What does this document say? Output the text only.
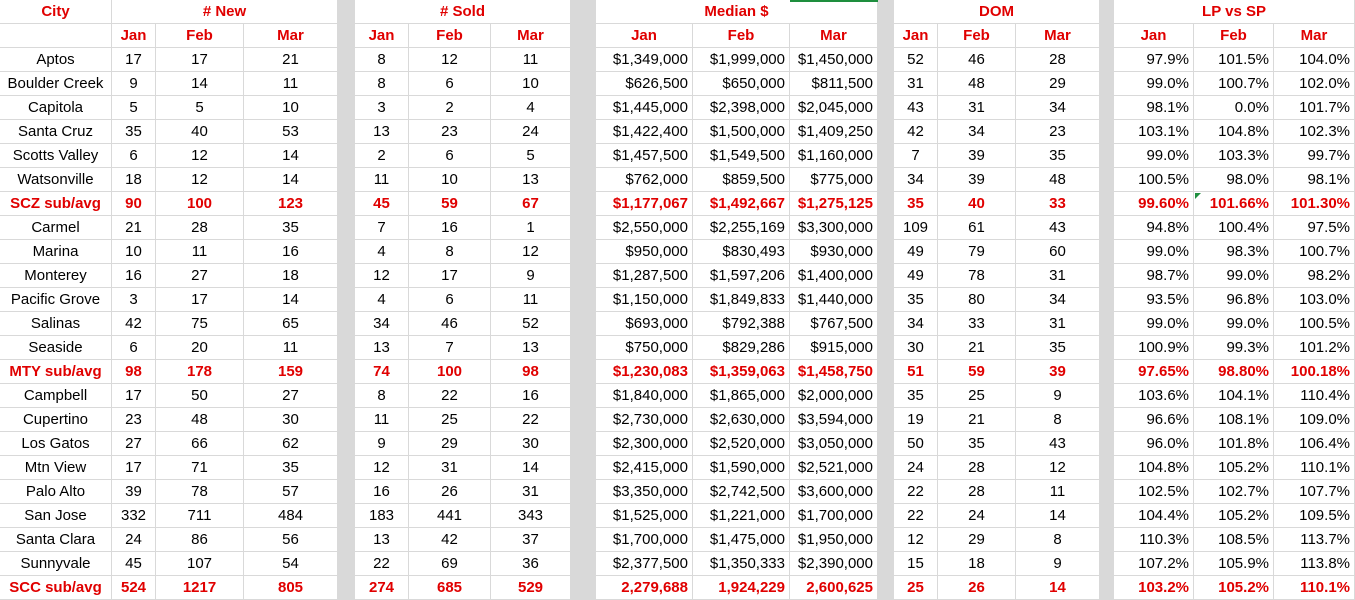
City	# New	# Sold	Median $	DOM	LP vs SP
Jan	Feb	Mar	Jan	Feb	Mar	Jan	Feb	Mar	Jan	Feb	Mar	Jan	Feb	Mar
Aptos	17	17	21	8	12	11	$1,349,000	$1,999,000 $1,450,000	52	46	28	97.9%	101.5%	104.0%
Boulder Creek	9	14	11	8	6	10	$626,500	$650,000	$811,500	31	48	29	99.0%	100.7%	102.0%
Capitola	5	5	10	3	2	4	$1,445,000	$2,398,000 $2,045,000	43	31	34	98.1%	0.0%	101.7%
Santa Cruz	35	40	53	13	23	24	$1,422,400	$1,500,000 $1,409,250	42	34	23	103.1%	104.8%	102.3%
Scotts Valley	6	12	14	2	6	5	$1,457,500	$1,549,500 $1,160,000	7	39	35	99.0%	103.3%	99.7%
Watsonville	18	12	14	11	10	13	$762,000	$859,500	$775,000	34	39	48	100.5%	98.0%	98.1%
SCZ sub/avg	90	100	123	45	59	67	$1,177,067	$1,492,667 $1,275,125	35	40	33	99.60%	101.66%	101.30%
Carmel	21	28	35	7	16	1	$2,550,000	$2,255,169 $3,300,000	109	61	43	94.8%	100.4%	97.5%
Marina	10	11	16	4	8	12	$950,000	$830,493	$930,000	49	79	60	99.0%	98.3%	100.7%
Monterey	16	27	18	12	17	9	$1,287,500	$1,597,206 $1,400,000	49	78	31	98.7%	99.0%	98.2%
Pacific Grove	3	17	14	4	6	11	$1,150,000	$1,849,833 $1,440,000	35	80	34	93.5%	96.8%	103.0%
Salinas	42	75	65	34	46	52	$693,000	$792,388	$767,500	34	33	31	99.0%	99.0%	100.5%
Seaside	6	20	11	13	7	13	$750,000	$829,286	$915,000	30	21	35	100.9%	99.3%	101.2%
MTY sub/avg	98	178	159	74	100	98	$1,230,083	$1,359,063 $1,458,750	51	59	39	97.65%	98.80%	100.18%
Campbell	17	50	27	8	22	16	$1,840,000	$1,865,000 $2,000,000	35	25	9	103.6%	104.1%	110.4%
Cupertino	23	48	30	11	25	22	$2,730,000	$2,630,000 $3,594,000	19	21	8	96.6%	108.1%	109.0%
Los Gatos	27	66	62	9	29	30	$2,300,000	$2,520,000 $3,050,000	50	35	43	96.0%	101.8%	106.4%
Mtn View	17	71	35	12	31	14	$2,415,000	$1,590,000 $2,521,000	24	28	12	104.8%	105.2%	110.1%
Palo Alto	39	78	57	16	26	31	$3,350,000	$2,742,500 $3,600,000	22	28	11	102.5%	102.7%	107.7%
San Jose	332	711	484	183	441	343	$1,525,000	$1,221,000 $1,700,000	22	24	14	104.4%	105.2%	109.5%
Santa Clara	24	86	56	13	42	37	$1,700,000	$1,475,000 $1,950,000	12	29	8	110.3%	108.5%	113.7%
Sunnyvale	45	107	54	22	69	36	$2,377,500	$1,350,333 $2,390,000	15	18	9	107.2%	105.9%	113.8%
SCC sub/avg	524	1217	805	274	685	529	2,279,688	1,924,229	2,600,625	25	26	14	103.2%	105.2%	110.1%
